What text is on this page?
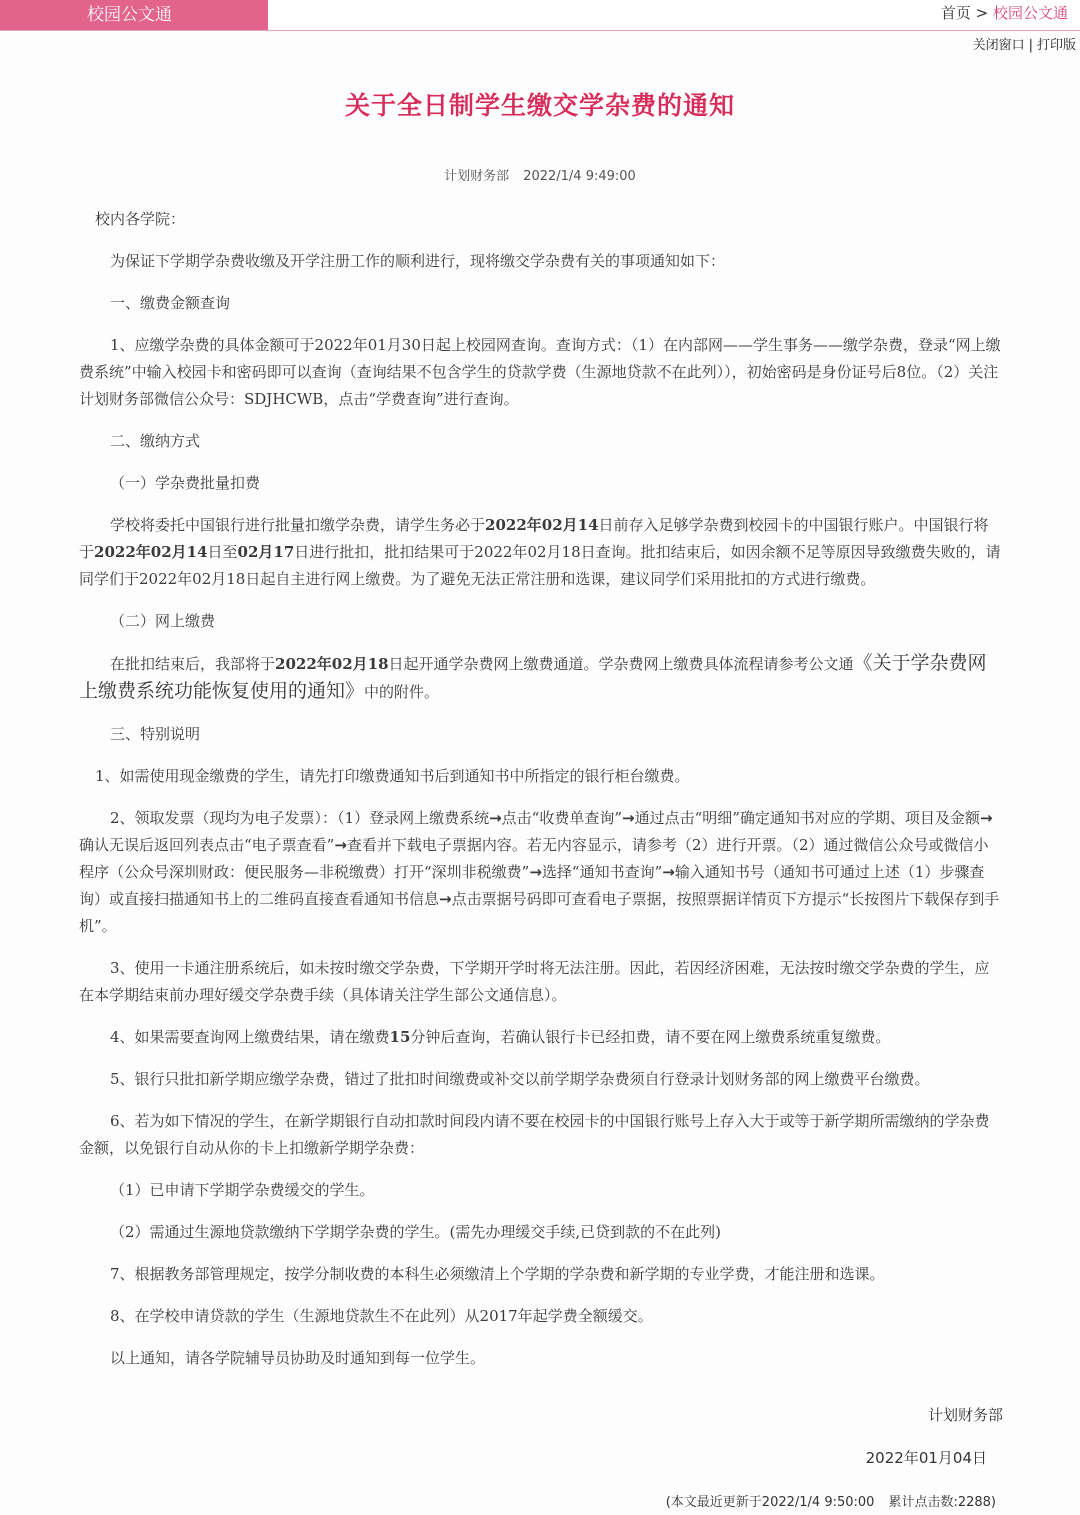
校园公文通	首页 > 校园公文通
关闭窗口 | 打印版
关于全日制学生缴交学杂费的通知
计划财务部 2022/1/4 9:49:00

校内各学院：

为保证下学期学杂费收缴及开学注册工作的顺利进行，现将缴交学杂费有关的事项通知如下：

一、缴费金额查询

1、应缴学杂费的具体金额可于2022年01月30日起上校园网查询。查询方式：（1）在内部网——学生事务——缴学杂费，登录“网上缴费系统”中输入校园卡和密码即可以查询（查询结果不包含学生的贷款学费（生源地贷款不在此列）），初始密码是身份证号后8位。（2）关注计划财务部微信公众号：SDJHCWB，点击“学费查询”进行查询。

二、缴纳方式

（一）学杂费批量扣费

学校将委托中国银行进行批量扣缴学杂费，请学生务必于2022年02月14日前存入足够学杂费到校园卡的中国银行账户。中国银行将于2022年02月14日至02月17日进行批扣，批扣结果可于2022年02月18日查询。批扣结束后，如因余额不足等原因导致缴费失败的，请同学们于2022年02月18日起自主进行网上缴费。为了避免无法正常注册和选课，建议同学们采用批扣的方式进行缴费。

（二）网上缴费

在批扣结束后，我部将于2022年02月18日起开通学杂费网上缴费通道。学杂费网上缴费具体流程请参考公文通《关于学杂费网上缴费系统功能恢复使用的通知》中的附件。

三、特别说明

1、如需使用现金缴费的学生，请先打印缴费通知书后到通知书中所指定的银行柜台缴费。

2、领取发票（现均为电子发票）：（1）登录网上缴费系统→点击“收费单查询”→通过点击“明细”确定通知书对应的学期、项目及金额→确认无误后返回列表点击“电子票查看”→查看并下载电子票据内容。若无内容显示，请参考（2）进行开票。（2）通过微信公众号或微信小程序（公众号深圳财政：便民服务—非税缴费）打开“深圳非税缴费”→选择“通知书查询”→输入通知书号（通知书可通过上述（1）步骤查询）或直接扫描通知书上的二维码直接查看通知书信息→点击票据号码即可查看电子票据，按照票据详情页下方提示“长按图片下载保存到手机”。

3、使用一卡通注册系统后，如未按时缴交学杂费，下学期开学时将无法注册。因此，若因经济困难，无法按时缴交学杂费的学生，应在本学期结束前办理好缓交学杂费手续（具体请关注学生部公文通信息）。

4、如果需要查询网上缴费结果，请在缴费15分钟后查询，若确认银行卡已经扣费，请不要在网上缴费系统重复缴费。

5、银行只批扣新学期应缴学杂费，错过了批扣时间缴费或补交以前学期学杂费须自行登录计划财务部的网上缴费平台缴费。

6、若为如下情况的学生，在新学期银行自动扣款时间段内请不要在校园卡的中国银行账号上存入大于或等于新学期所需缴纳的学杂费金额，以免银行自动从你的卡上扣缴新学期学杂费：

（1）已申请下学期学杂费缓交的学生。

（2）需通过生源地贷款缴纳下学期学杂费的学生。(需先办理缓交手续,已贷到款的不在此列)

7、根据教务部管理规定，按学分制收费的本科生必须缴清上个学期的学杂费和新学期的专业学费，才能注册和选课。

8、在学校申请贷款的学生（生源地贷款生不在此列）从2017年起学费全额缓交。

以上通知，请各学院辅导员协助及时通知到每一位学生。

计划财务部
2022年01月04日
(本文最近更新于2022/1/4 9:50:00 累计点击数:2288)
